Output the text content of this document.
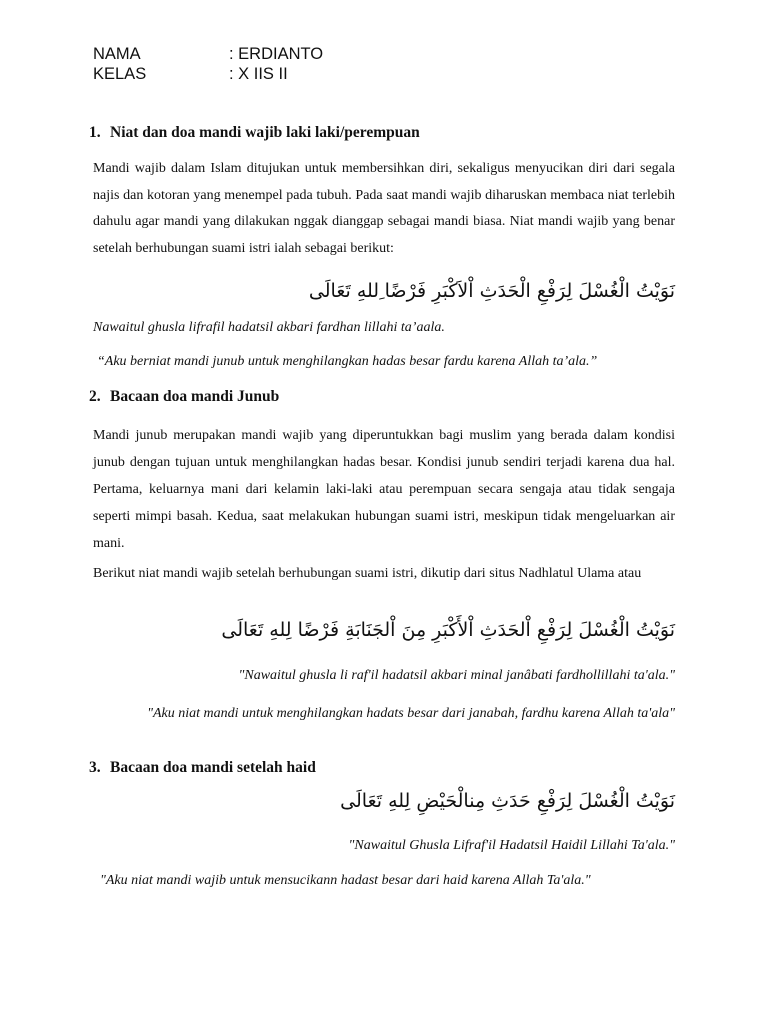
NAMA	: ERDIANTO
KELAS	: X IIS II
1. Niat dan doa mandi wajib laki laki/perempuan
Mandi wajib dalam Islam ditujukan untuk membersihkan diri, sekaligus menyucikan diri dari segala najis dan kotoran yang menempel pada tubuh. Pada saat mandi wajib diharuskan membaca niat terlebih dahulu agar mandi yang dilakukan nggak dianggap sebagai mandi biasa. Niat mandi wajib yang benar setelah berhubungan suami istri ialah sebagai berikut:
نَوَيْتُ الْغُسْلَ لِرَفْعِ الْحَدَثِ اْلاَكْبَرِ فَرْضًا ِللهِ تَعَالَى
Nawaitul ghusla lifrafil hadatsil akbari fardhan lillahi ta’aala.
“Aku berniat mandi junub untuk menghilangkan hadas besar fardu karena Allah ta’ala.”
2. Bacaan doa mandi Junub
Mandi junub merupakan mandi wajib yang diperuntukkan bagi muslim yang berada dalam kondisi junub dengan tujuan untuk menghilangkan hadas besar. Kondisi junub sendiri terjadi karena dua hal. Pertama, keluarnya mani dari kelamin laki-laki atau perempuan secara sengaja atau tidak sengaja seperti mimpi basah. Kedua, saat melakukan hubungan suami istri, meskipun tidak mengeluarkan air mani.
Berikut niat mandi wajib setelah berhubungan suami istri, dikutip dari situs Nadhlatul Ulama atau
نَوَيْتُ الْغُسْلَ لِرَفْعِ اْلحَدَثِ اْلأَكْبَرِ مِنَ اْلجَنَابَةِ فَرْضًا لِلهِ تَعَالَى
"Nawaitul ghusla li raf'il hadatsil akbari minal janâbati fardhollillahi ta'ala."
"Aku niat mandi untuk menghilangkan hadats besar dari janabah, fardhu karena Allah ta'ala"
3. Bacaan doa mandi setelah haid
نَوَيْتُ الْغُسْلَ لِرَفْعِ حَدَثِ مِنالْحَيْضِ لِلهِ تَعَالَى
"Nawaitul Ghusla Lifraf'il Hadatsil Haidil Lillahi Ta'ala."
"Aku niat mandi wajib untuk mensucikann hadast besar dari haid karena Allah Ta'ala."
